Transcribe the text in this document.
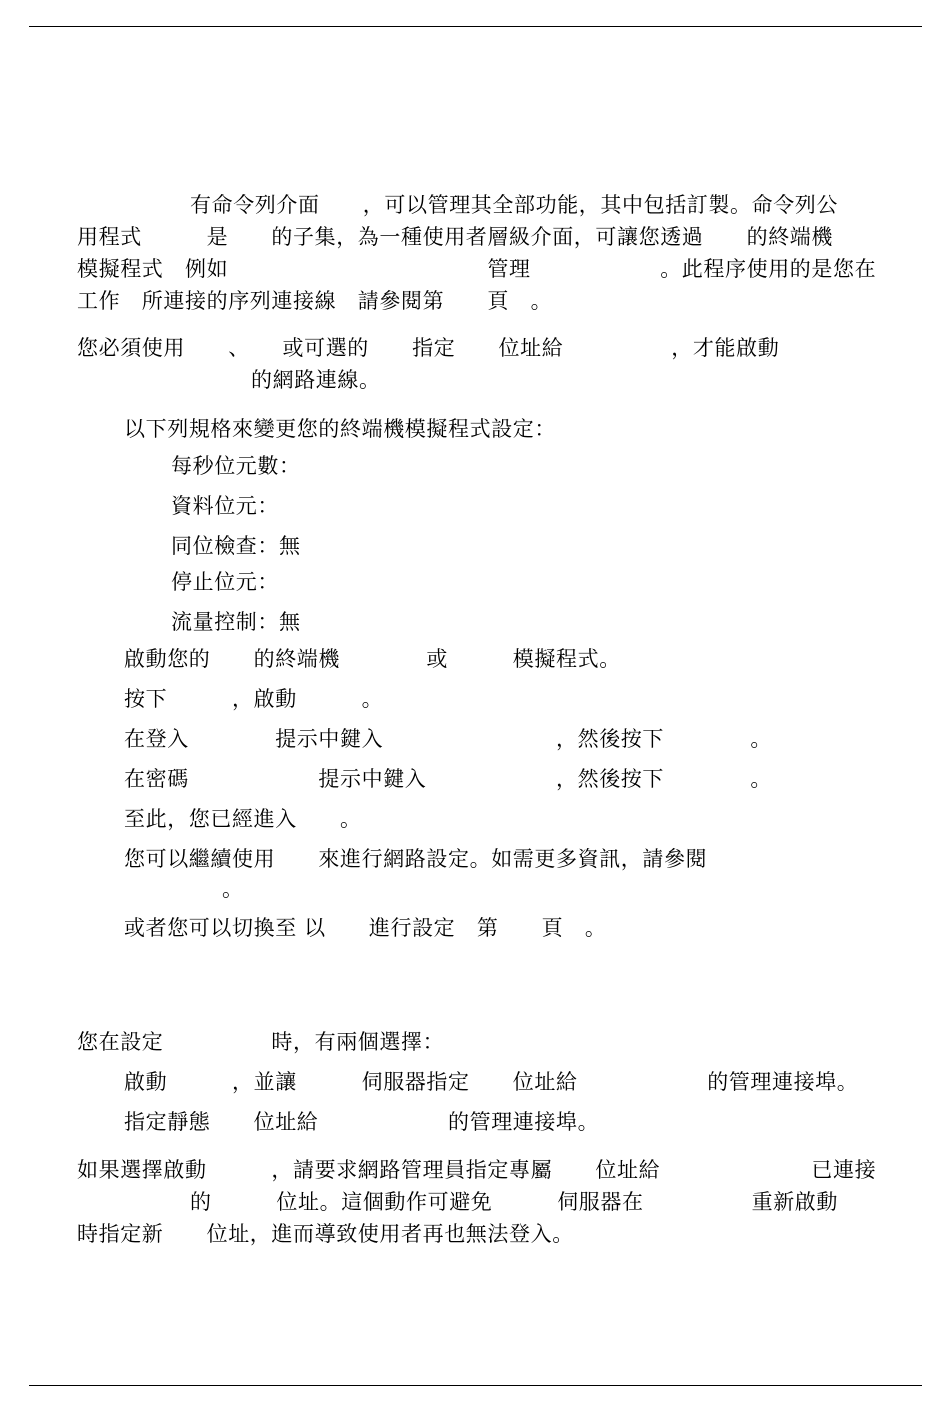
有命令列介面　　，可以管理其全部功能，其中包括訂製。命令列公

用程式　　　是　　的子集，為一種使用者層級介面，可讓您透過　　的終端機

模擬程式　例如　　　　　　　　　　　　管理　　　　　　。此程序使用的是您在

工作　所連接的序列連接線　請參閱第　　頁　。

您必須使用　　、　　或可選的　　指定　　位址給　　　　　，才能啟動

的網路連線。

以下列規格來變更您的終端機模擬程式設定：

每秒位元數：

資料位元：

同位檢查：無

停止位元：

流量控制：無

啟動您的　　的終端機　　　　或　　　模擬程式。

按下　　　，啟動　　　。

在登入　　　　提示中鍵入　　　　　　　　，然後按下　　　　。

在密碼　　　　　　提示中鍵入　　　　　　，然後按下　　　　。

至此，您已經進入　　。

您可以繼續使用　　來進行網路設定。如需更多資訊，請參閱

。

或者您可以切換至 以　　進行設定　第　　頁　。

您在設定　　　　　時，有兩個選擇：

啟動　　　，並讓　　　伺服器指定　　位址給　　　　　　的管理連接埠。

指定靜態　　位址給　　　　　　的管理連接埠。

如果選擇啟動　　　，請要求網路管理員指定專屬　　位址給　　　　　　　已連接

的　　　位址。這個動作可避免　　　伺服器在　　　　　重新啟動

時指定新　　位址，進而導致使用者再也無法登入。
